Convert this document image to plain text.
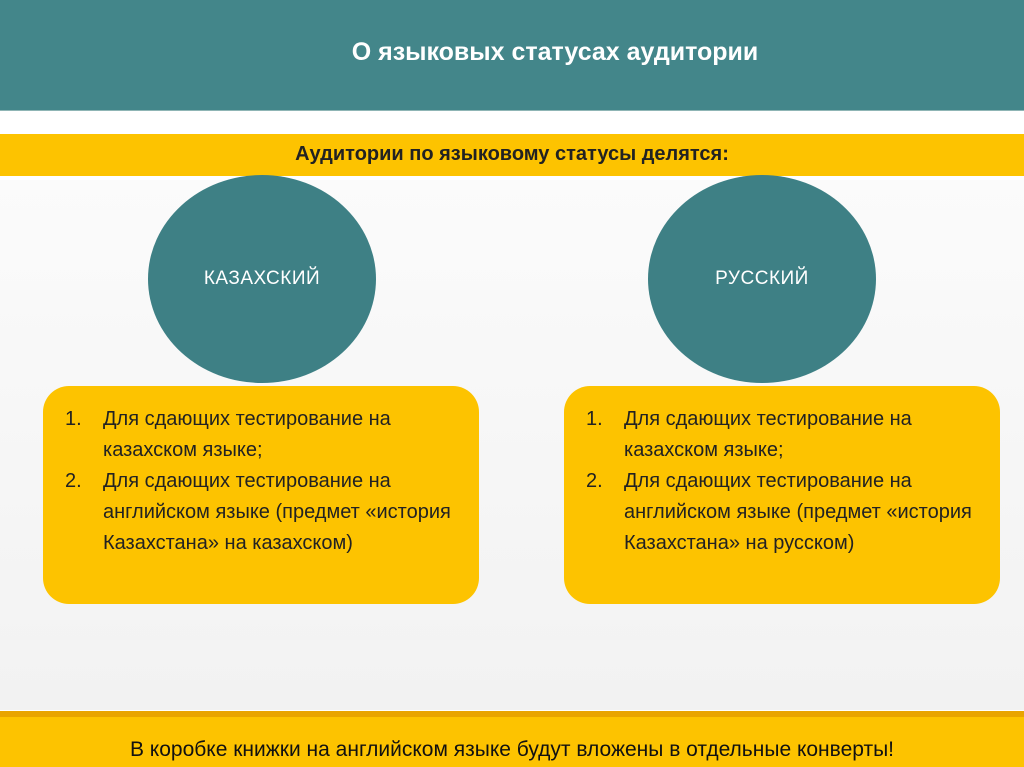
О языковых статусах аудитории
Аудитории по языковому статусы делятся:
КАЗАХСКИЙ	РУССКИЙ
1.	Для сдающих тестирование на казахском языке;
2.	Для сдающих тестирование на английском языке (предмет «история Казахстана» на казахском)
1.	Для сдающих тестирование на казахском языке;
2.	Для сдающих тестирование на английском языке (предмет «история Казахстана» на русском)
В коробке книжки на английском языке будут вложены в отдельные конверты!
